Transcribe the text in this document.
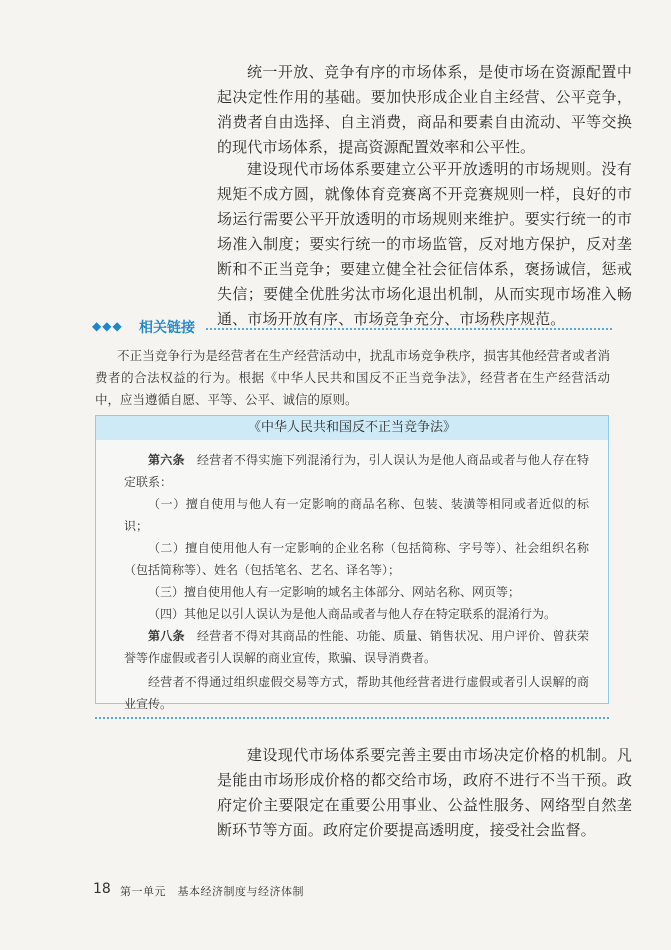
统一开放、竞争有序的市场体系，是使市场在资源配置中起决定性作用的基础。要加快形成企业自主经营、公平竞争，消费者自由选择、自主消费，商品和要素自由流动、平等交换的现代市场体系，提高资源配置效率和公平性。

建设现代市场体系要建立公平开放透明的市场规则。没有规矩不成方圆，就像体育竞赛离不开竞赛规则一样，良好的市场运行需要公平开放透明的市场规则来维护。要实行统一的市场准入制度；要实行统一的市场监管，反对地方保护，反对垄断和不正当竞争；要建立健全社会征信体系，褒扬诚信，惩戒失信；要健全优胜劣汰市场化退出机制，从而实现市场准入畅通、市场开放有序、市场竞争充分、市场秩序规范。

◆◆◆ 相关链接

不正当竞争行为是经营者在生产经营活动中，扰乱市场竞争秩序，损害其他经营者或者消费者的合法权益的行为。根据《中华人民共和国反不正当竞争法》，经营者在生产经营活动中，应当遵循自愿、平等、公平、诚信的原则。

《中华人民共和国反不正当竞争法》

第六条　 经营者不得实施下列混淆行为，引人误认为是他人商品或者与他人存在特定联系：

（一）擅自使用与他人有一定影响的商品名称、包装、装潢等相同或者近似的标识；

（二）擅自使用他人有一定影响的企业名称（包括简称、字号等）、社会组织名称（包括简称等）、姓名（包括笔名、艺名、译名等）；

（三）擅自使用他人有一定影响的域名主体部分、网站名称、网页等；

（四）其他足以引人误认为是他人商品或者与他人存在特定联系的混淆行为。

第八条　 经营者不得对其商品的性能、功能、质量、销售状况、用户评价、曾获荣誉等作虚假或者引人误解的商业宣传，欺骗、误导消费者。

经营者不得通过组织虚假交易等方式，帮助其他经营者进行虚假或者引人误解的商业宣传。

建设现代市场体系要完善主要由市场决定价格的机制。凡是能由市场形成价格的都交给市场，政府不进行不当干预。政府定价主要限定在重要公用事业、公益性服务、网络型自然垄断环节等方面。政府定价要提高透明度，接受社会监督。

18 第一单元　基本经济制度与经济体制
